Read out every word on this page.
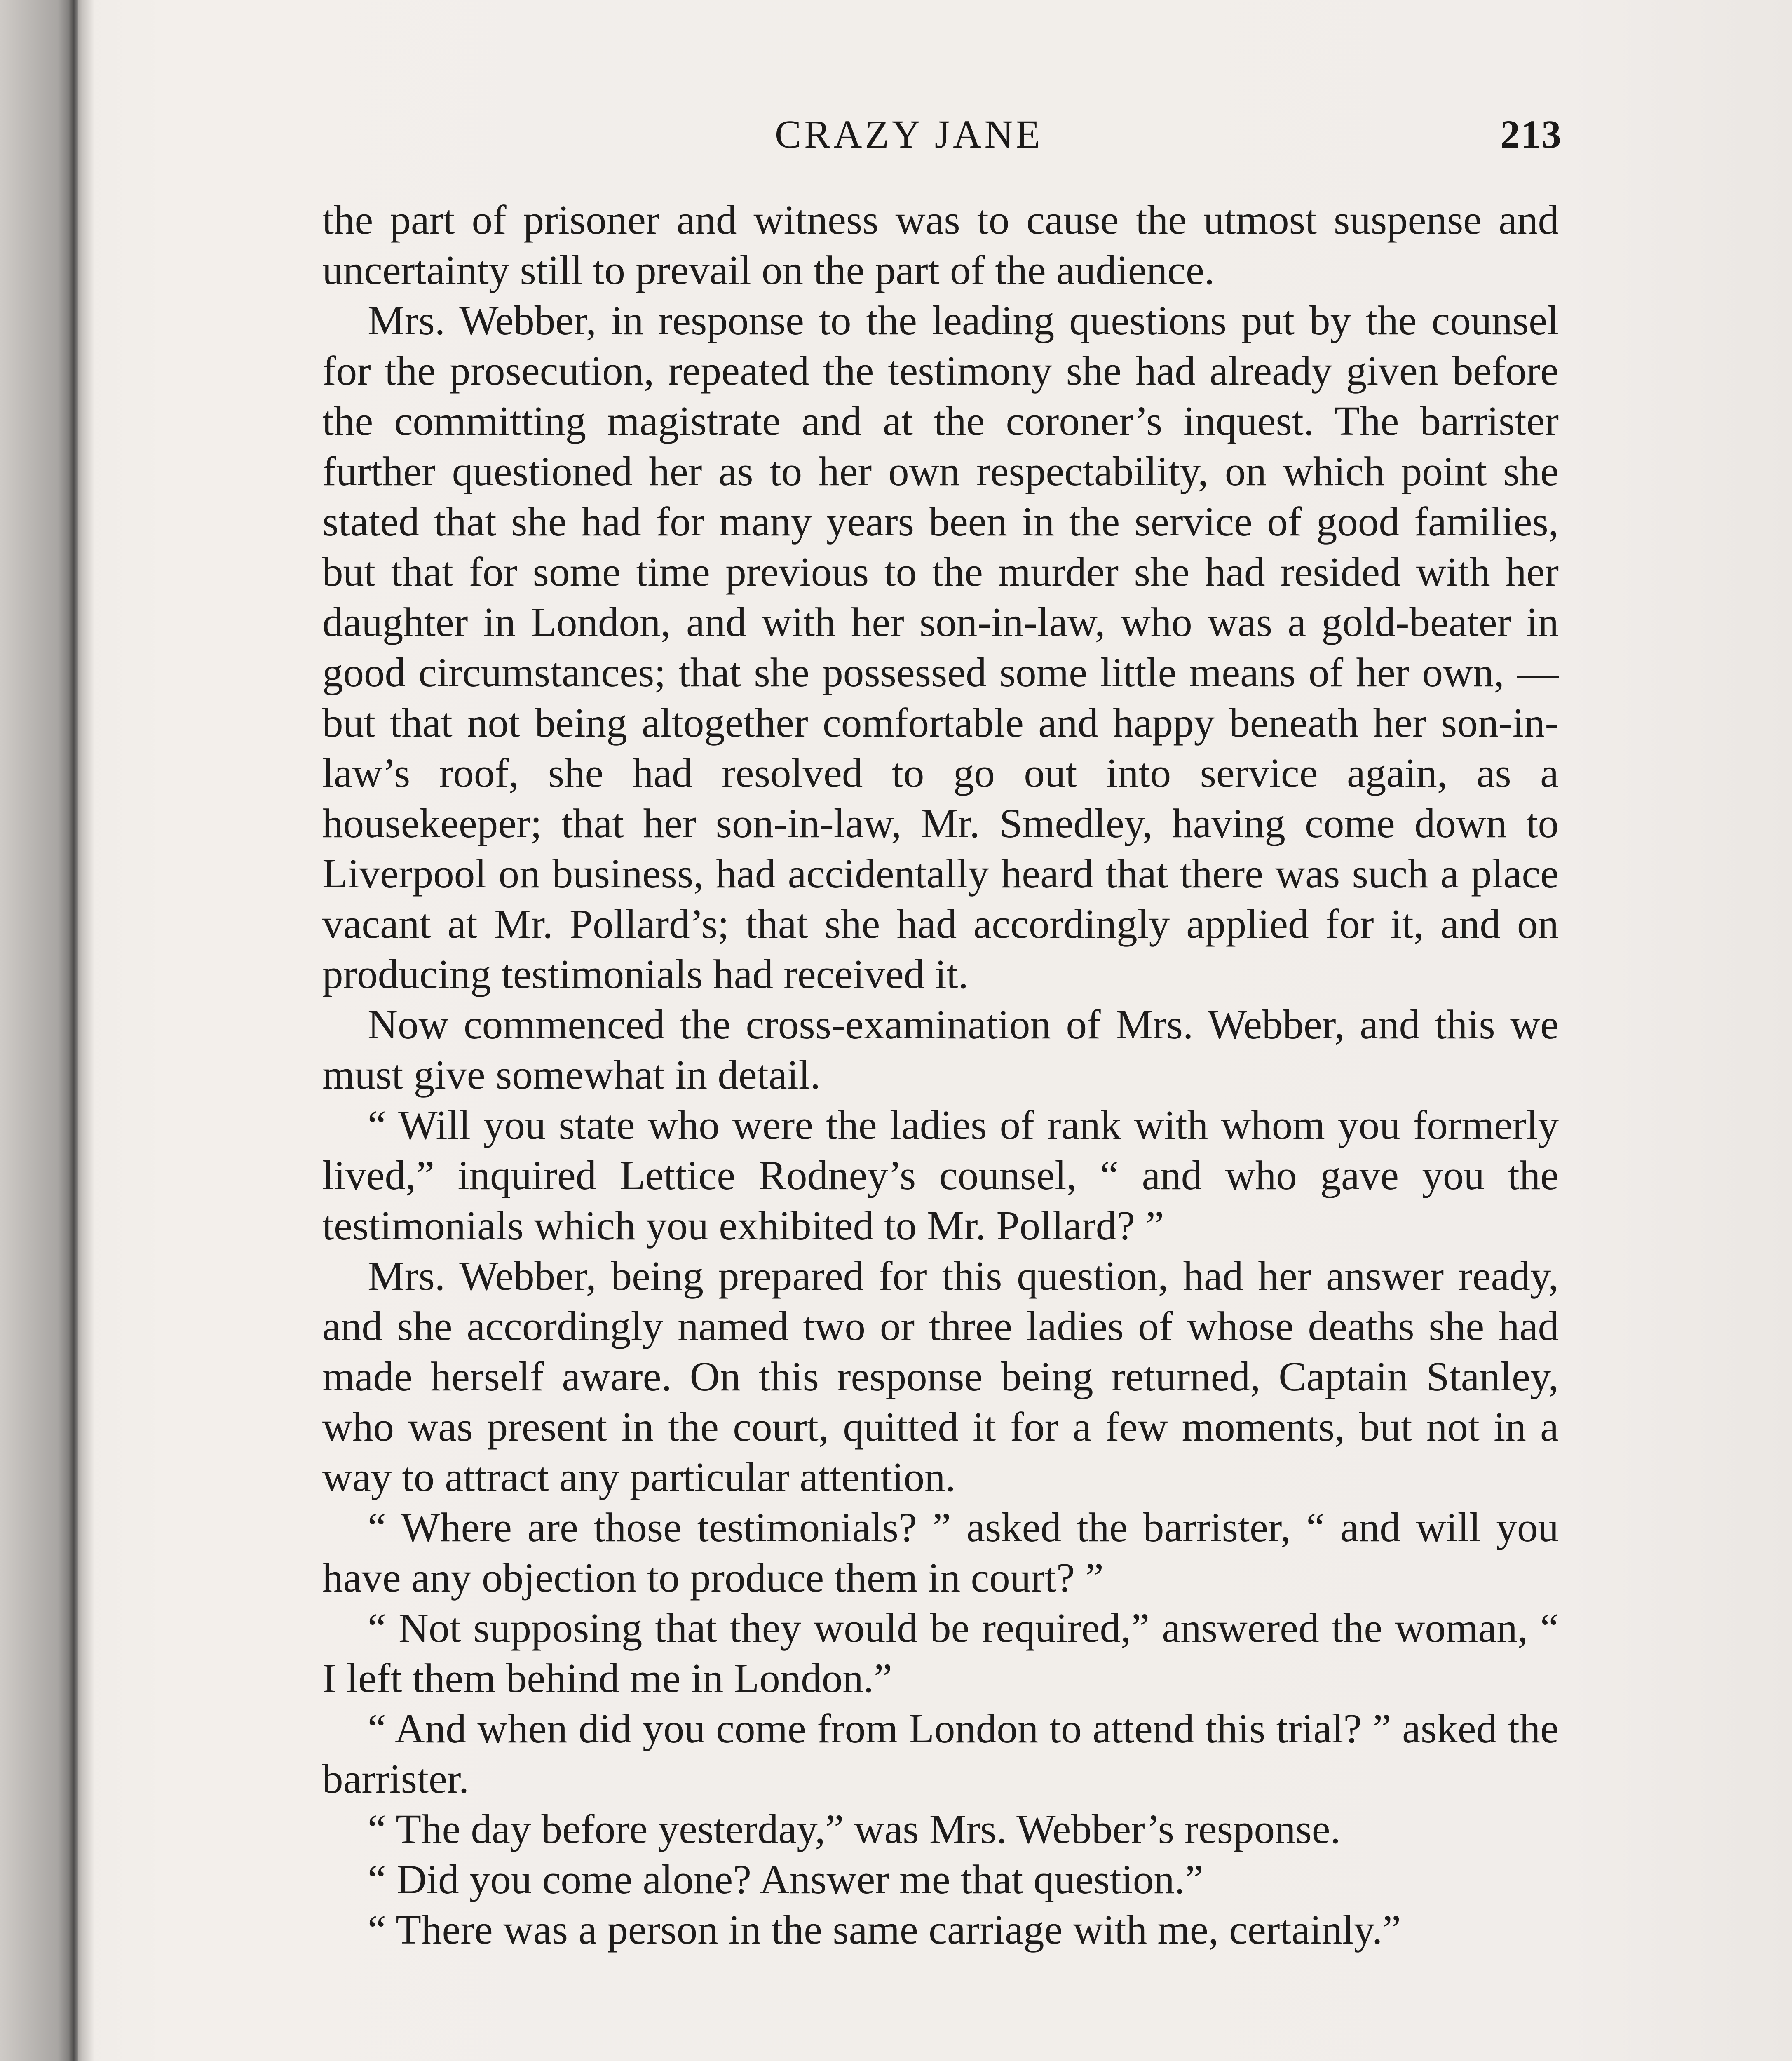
CRAZY JANE	213

the part of prisoner and witness was to cause the utmost suspense and uncertainty still to prevail on the part of the audience.

Mrs. Webber, in response to the leading questions put by the counsel for the prosecution, repeated the testimony she had already given before the committing magistrate and at the coroner’s inquest. The barrister further questioned her as to her own respectability, on which point she stated that she had for many years been in the service of good families, but that for some time previous to the murder she had resided with her daughter in London, and with her son-in-law, who was a gold-beater in good circumstances; that she possessed some little means of her own, — but that not being altogether comfortable and happy beneath her son-in-law’s roof, she had resolved to go out into service again, as a housekeeper; that her son-in-law, Mr. Smedley, having come down to Liverpool on business, had accidentally heard that there was such a place vacant at Mr. Pollard’s; that she had accordingly applied for it, and on producing testimonials had received it.

Now commenced the cross-examination of Mrs. Webber, and this we must give somewhat in detail.

“ Will you state who were the ladies of rank with whom you formerly lived,” inquired Lettice Rodney’s counsel, “ and who gave you the testimonials which you exhibited to Mr. Pollard? ”

Mrs. Webber, being prepared for this question, had her answer ready, and she accordingly named two or three ladies of whose deaths she had made herself aware. On this response being returned, Captain Stanley, who was present in the court, quitted it for a few moments, but not in a way to attract any particular attention.

“ Where are those testimonials? ” asked the barrister, “ and will you have any objection to produce them in court? ”

“ Not supposing that they would be required,” answered the woman, “ I left them behind me in London.”

“ And when did you come from London to attend this trial? ” asked the barrister.

“ The day before yesterday,” was Mrs. Webber’s response.

“ Did you come alone? Answer me that question.”

“ There was a person in the same carriage with me, certainly.”
